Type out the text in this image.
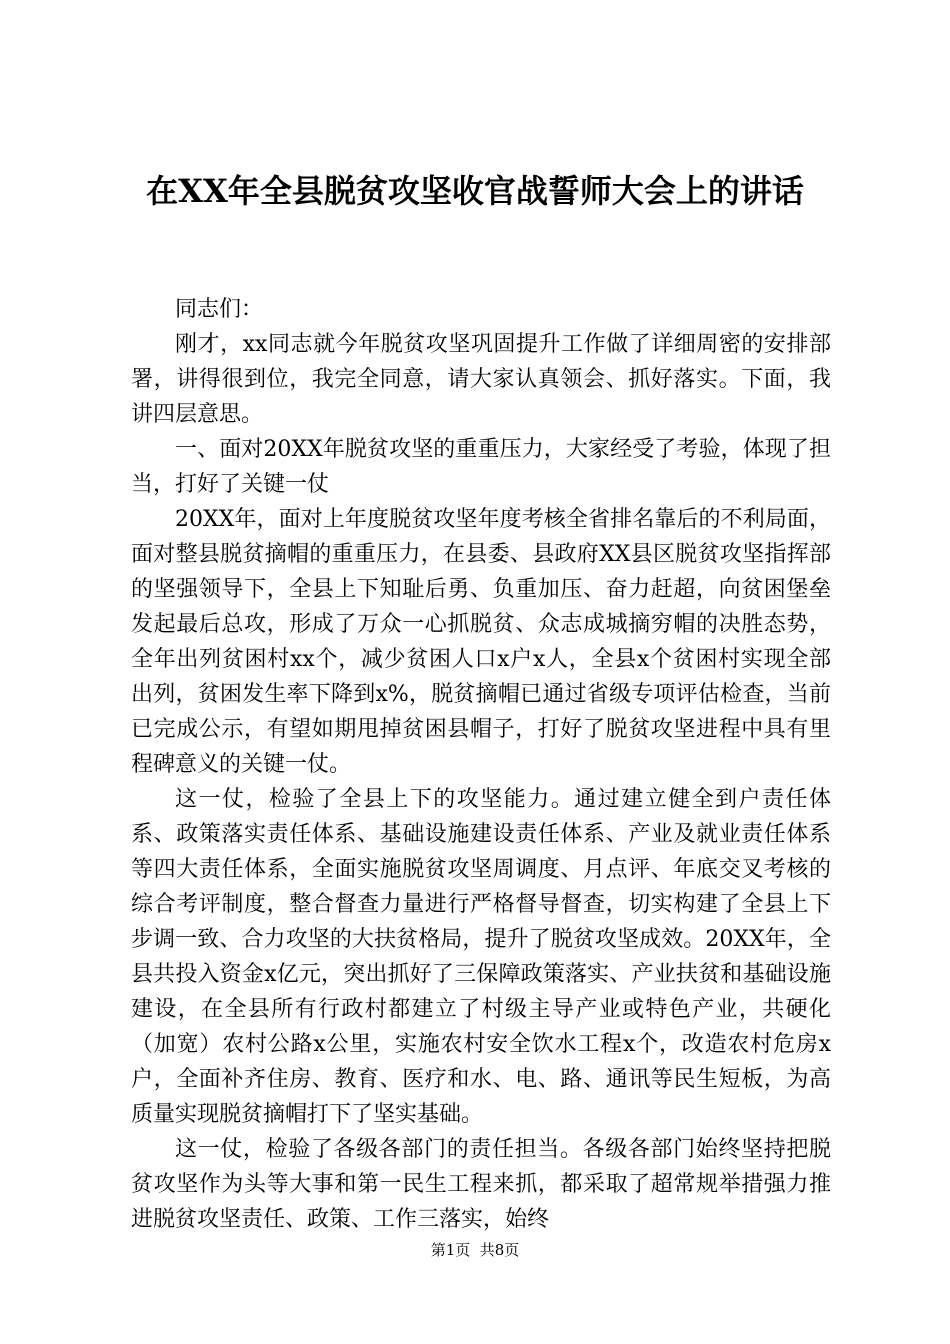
在XX年全县脱贫攻坚收官战誓师大会上的讲话

同志们：

刚才，xx同志就今年脱贫攻坚巩固提升工作做了详细周密的安排部署，讲得很到位，我完全同意，请大家认真领会、抓好落实。下面，我讲四层意思。

一、面对20XX年脱贫攻坚的重重压力，大家经受了考验，体现了担当，打好了关键一仗

20XX年，面对上年度脱贫攻坚年度考核全省排名靠后的不利局面，面对整县脱贫摘帽的重重压力，在县委、县政府XX县区脱贫攻坚指挥部的坚强领导下，全县上下知耻后勇、负重加压、奋力赶超，向贫困堡垒发起最后总攻，形成了万众一心抓脱贫、众志成城摘穷帽的决胜态势，全年出列贫困村xx个，减少贫困人口x户x人，全县x个贫困村实现全部出列，贫困发生率下降到x%，脱贫摘帽已通过省级专项评估检查，当前已完成公示，有望如期甩掉贫困县帽子，打好了脱贫攻坚进程中具有里程碑意义的关键一仗。

这一仗，检验了全县上下的攻坚能力。通过建立健全到户责任体系、政策落实责任体系、基础设施建设责任体系、产业及就业责任体系等四大责任体系，全面实施脱贫攻坚周调度、月点评、年底交叉考核的综合考评制度，整合督查力量进行严格督导督查，切实构建了全县上下步调一致、合力攻坚的大扶贫格局，提升了脱贫攻坚成效。20XX年，全县共投入资金x亿元，突出抓好了三保障政策落实、产业扶贫和基础设施建设，在全县所有行政村都建立了村级主导产业或特色产业，共硬化（加宽）农村公路x公里，实施农村安全饮水工程x个，改造农村危房x户，全面补齐住房、教育、医疗和水、电、路、通讯等民生短板，为高质量实现脱贫摘帽打下了坚实基础。

这一仗，检验了各级各部门的责任担当。各级各部门始终坚持把脱贫攻坚作为头等大事和第一民生工程来抓，都采取了超常规举措强力推进脱贫攻坚责任、政策、工作三落实，始终

第1页  共8页
